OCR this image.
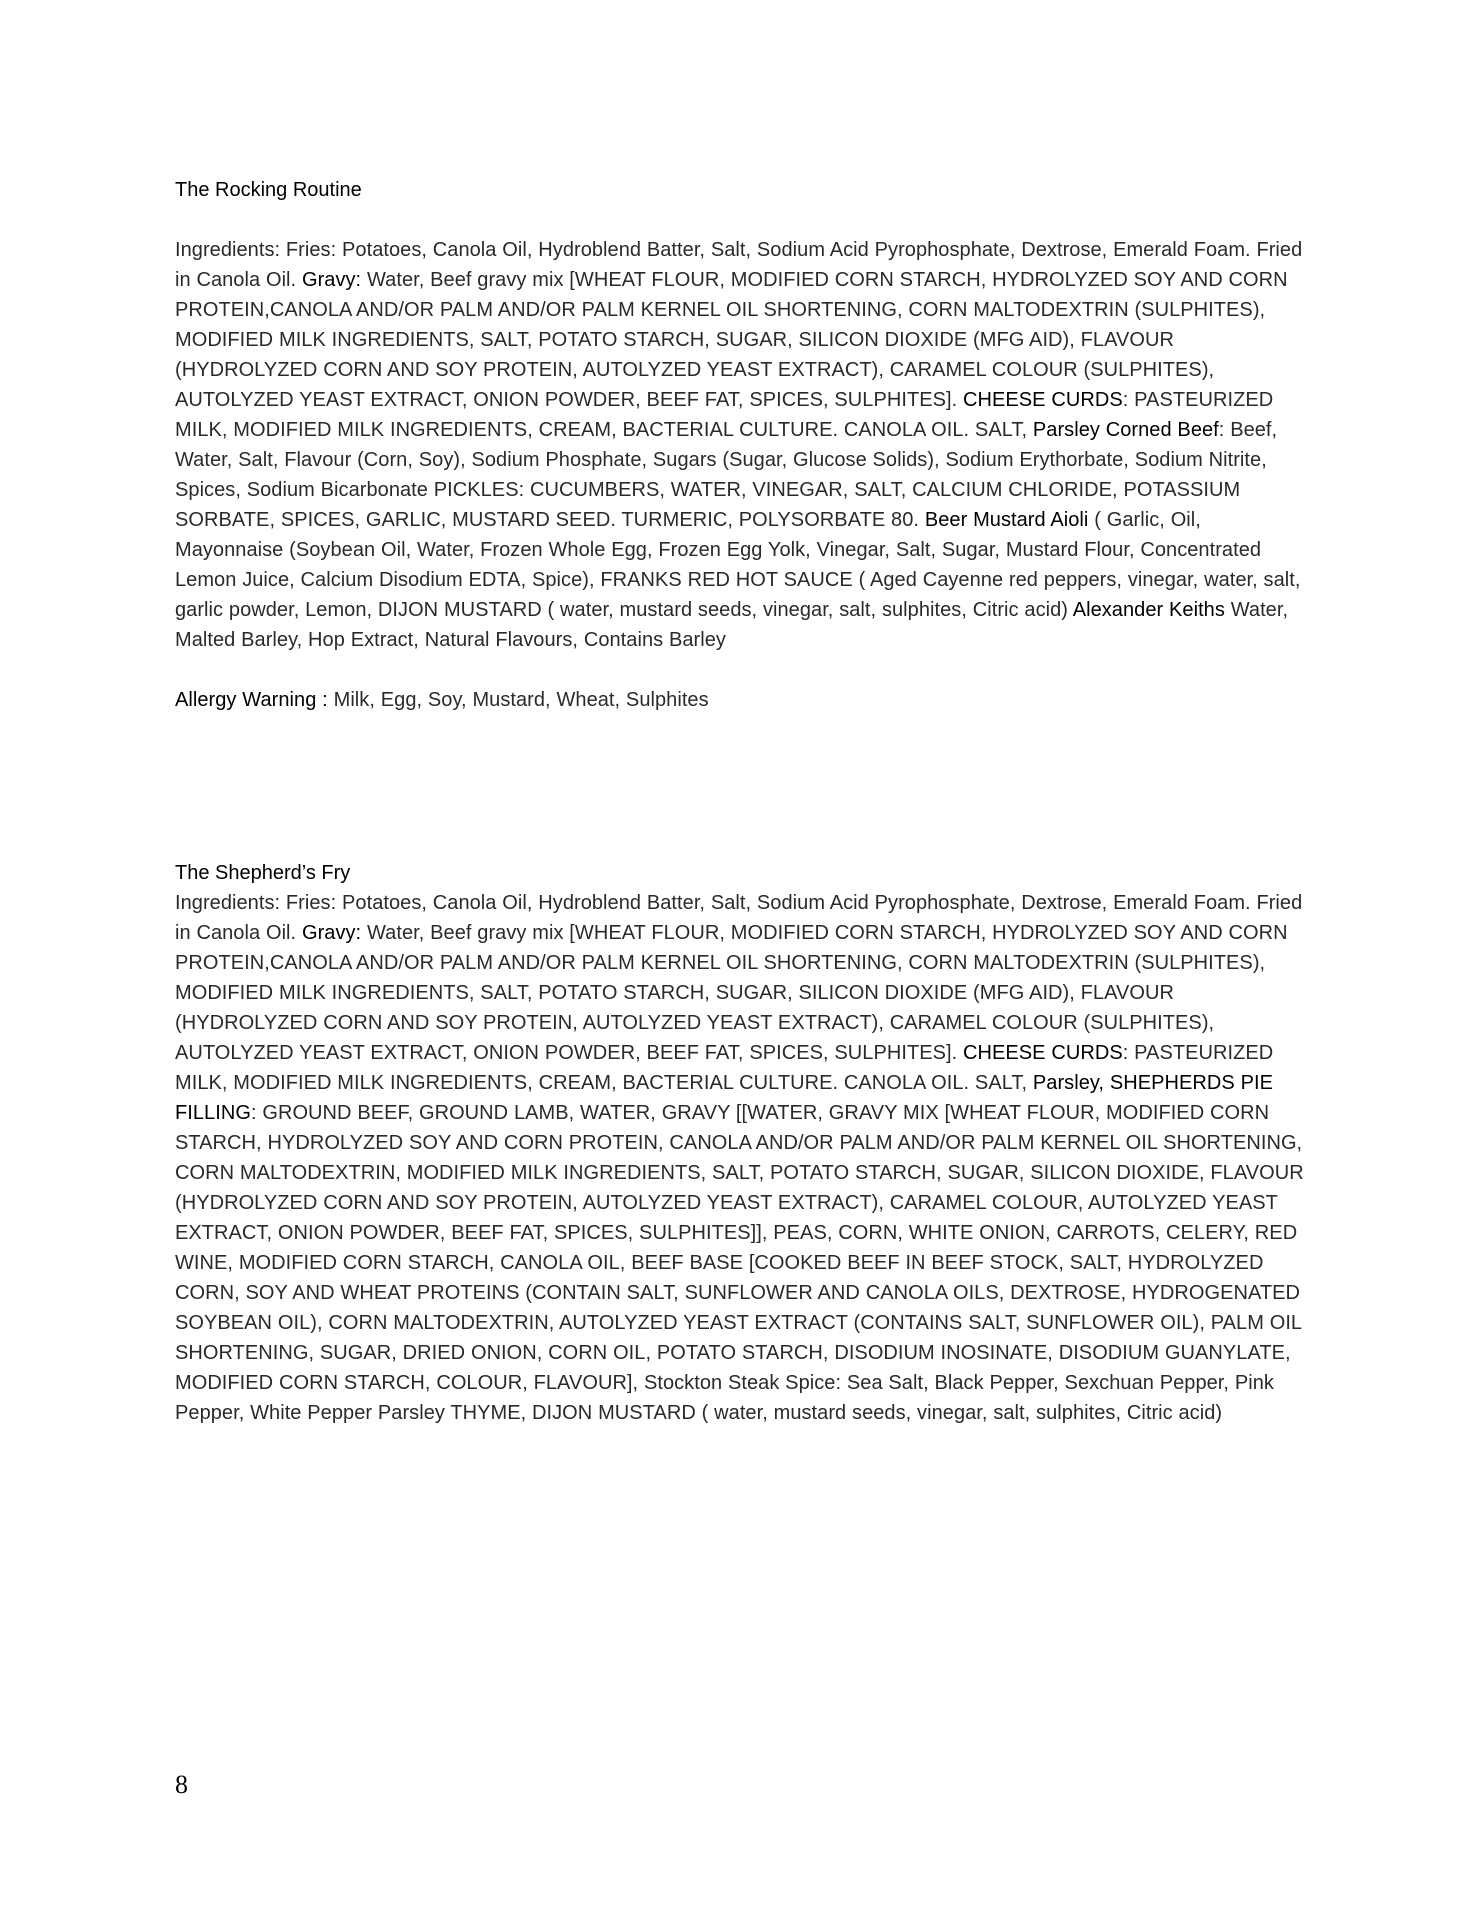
The Rocking Routine

Ingredients: Fries: Potatoes, Canola Oil, Hydroblend Batter, Salt, Sodium Acid Pyrophosphate, Dextrose, Emerald Foam. Fried in Canola Oil. Gravy: Water, Beef gravy mix [WHEAT FLOUR, MODIFIED CORN STARCH, HYDROLYZED SOY AND CORN PROTEIN,CANOLA AND/OR PALM AND/OR PALM KERNEL OIL SHORTENING, CORN MALTODEXTRIN (SULPHITES), MODIFIED MILK INGREDIENTS, SALT, POTATO STARCH, SUGAR, SILICON DIOXIDE (MFG AID), FLAVOUR (HYDROLYZED CORN AND SOY PROTEIN, AUTOLYZED YEAST EXTRACT), CARAMEL COLOUR (SULPHITES), AUTOLYZED YEAST EXTRACT, ONION POWDER, BEEF FAT, SPICES, SULPHITES]. CHEESE CURDS: PASTEURIZED MILK, MODIFIED MILK INGREDIENTS, CREAM, BACTERIAL CULTURE. CANOLA OIL. SALT, Parsley Corned Beef: Beef, Water, Salt, Flavour (Corn, Soy), Sodium Phosphate, Sugars (Sugar, Glucose Solids), Sodium Erythorbate, Sodium Nitrite, Spices, Sodium Bicarbonate PICKLES: CUCUMBERS, WATER, VINEGAR, SALT, CALCIUM CHLORIDE, POTASSIUM SORBATE, SPICES, GARLIC, MUSTARD SEED. TURMERIC, POLYSORBATE 80. Beer Mustard Aioli ( Garlic, Oil, Mayonnaise (Soybean Oil, Water, Frozen Whole Egg, Frozen Egg Yolk, Vinegar, Salt, Sugar, Mustard Flour, Concentrated Lemon Juice, Calcium Disodium EDTA, Spice), FRANKS RED HOT SAUCE ( Aged Cayenne red peppers, vinegar, water, salt, garlic powder, Lemon, DIJON MUSTARD ( water, mustard seeds, vinegar, salt, sulphites, Citric acid) Alexander Keiths Water, Malted Barley, Hop Extract, Natural Flavours, Contains Barley

Allergy Warning : Milk, Egg, Soy, Mustard, Wheat, Sulphites

The Shepherd’s Fry

Ingredients: Fries: Potatoes, Canola Oil, Hydroblend Batter, Salt, Sodium Acid Pyrophosphate, Dextrose, Emerald Foam. Fried in Canola Oil. Gravy: Water, Beef gravy mix [WHEAT FLOUR, MODIFIED CORN STARCH, HYDROLYZED SOY AND CORN PROTEIN,CANOLA AND/OR PALM AND/OR PALM KERNEL OIL SHORTENING, CORN MALTODEXTRIN (SULPHITES), MODIFIED MILK INGREDIENTS, SALT, POTATO STARCH, SUGAR, SILICON DIOXIDE (MFG AID), FLAVOUR (HYDROLYZED CORN AND SOY PROTEIN, AUTOLYZED YEAST EXTRACT), CARAMEL COLOUR (SULPHITES), AUTOLYZED YEAST EXTRACT, ONION POWDER, BEEF FAT, SPICES, SULPHITES]. CHEESE CURDS: PASTEURIZED MILK, MODIFIED MILK INGREDIENTS, CREAM, BACTERIAL CULTURE. CANOLA OIL. SALT, Parsley, SHEPHERDS PIE FILLING: GROUND BEEF, GROUND LAMB, WATER, GRAVY [[WATER, GRAVY MIX [WHEAT FLOUR, MODIFIED CORN STARCH, HYDROLYZED SOY AND CORN PROTEIN, CANOLA AND/OR PALM AND/OR PALM KERNEL OIL SHORTENING, CORN MALTODEXTRIN, MODIFIED MILK INGREDIENTS, SALT, POTATO STARCH, SUGAR, SILICON DIOXIDE, FLAVOUR (HYDROLYZED CORN AND SOY PROTEIN, AUTOLYZED YEAST EXTRACT), CARAMEL COLOUR, AUTOLYZED YEAST EXTRACT, ONION POWDER, BEEF FAT, SPICES, SULPHITES]], PEAS, CORN, WHITE ONION, CARROTS, CELERY, RED WINE, MODIFIED CORN STARCH, CANOLA OIL, BEEF BASE [COOKED BEEF IN BEEF STOCK, SALT, HYDROLYZED CORN, SOY AND WHEAT PROTEINS (CONTAIN SALT, SUNFLOWER AND CANOLA OILS, DEXTROSE, HYDROGENATED SOYBEAN OIL), CORN MALTODEXTRIN, AUTOLYZED YEAST EXTRACT (CONTAINS SALT, SUNFLOWER OIL), PALM OIL SHORTENING, SUGAR, DRIED ONION, CORN OIL, POTATO STARCH, DISODIUM INOSINATE, DISODIUM GUANYLATE, MODIFIED CORN STARCH, COLOUR, FLAVOUR], Stockton Steak Spice: Sea Salt, Black Pepper, Sexchuan Pepper, Pink Pepper, White Pepper Parsley THYME, DIJON MUSTARD ( water, mustard seeds, vinegar, salt, sulphites, Citric acid)

8
